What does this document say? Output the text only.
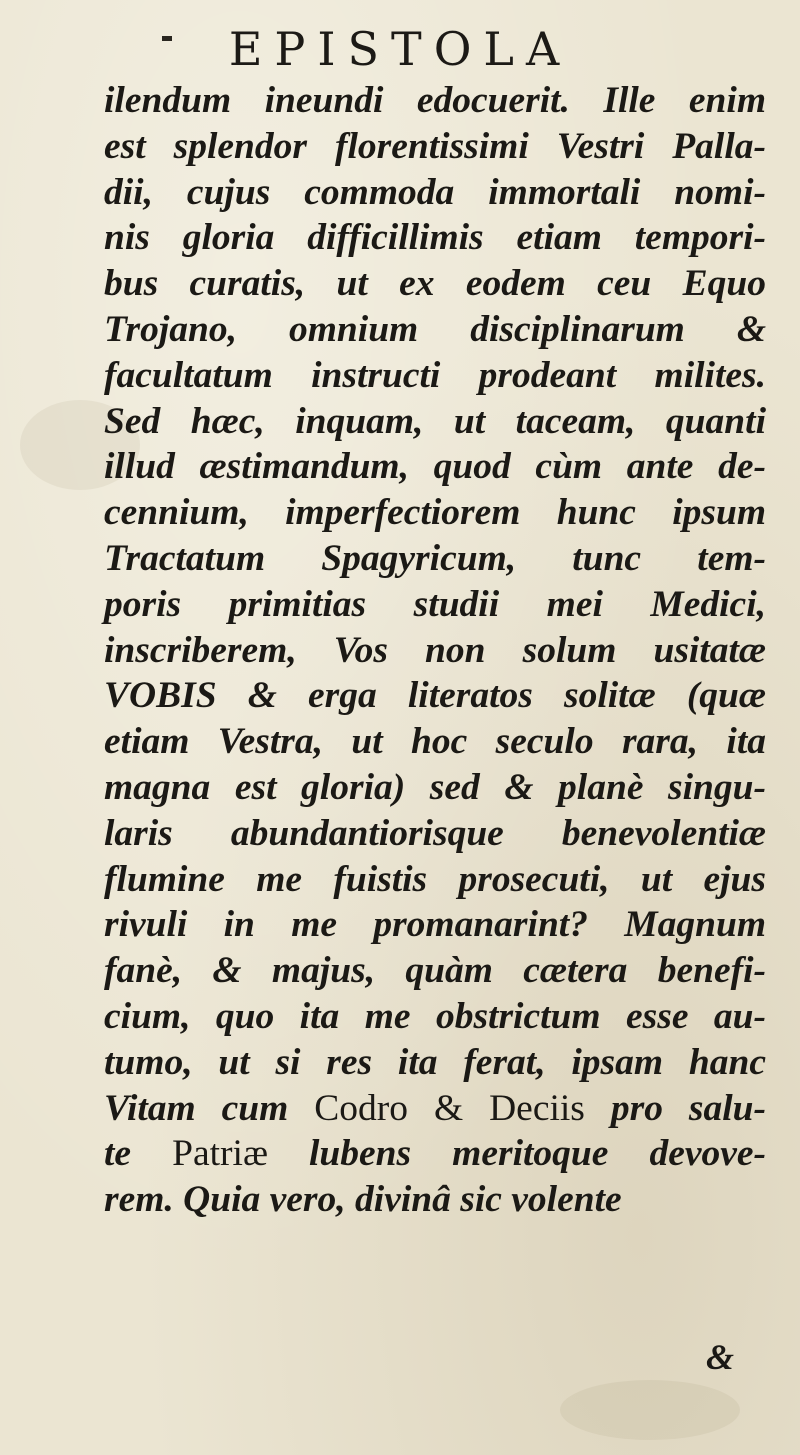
EPISTOLA
ilendum ineundi edocuerit. Ille enim
est splendor florentissimi Vestri Palla-
dii, cujus commoda immortali nomi-
nis gloria difficillimis etiam tempori-
bus curatis, ut ex eodem ceu Equo
Trojano, omnium disciplinarum &
facultatum instructi prodeant milites.
Sed hæc, inquam, ut taceam, quanti
illud æstimandum, quod cùm ante de-
cennium, imperfectiorem hunc ipsum
Tractatum Spagyricum, tunc tem-
poris primitias studii mei Medici,
inscriberem, Vos non solum usitatæ
VOBIS & erga literatos solitæ (quæ
etiam Vestra, ut hoc seculo rara, ita
magna est gloria) sed & planè singu-
laris abundantiorisque benevolentiæ
flumine me fuistis prosecuti, ut ejus
rivuli in me promanarint? Magnum
fanè, & majus, quàm cætera benefi-
cium, quo ita me obstrictum esse au-
tumo, ut si res ita ferat, ipsam hanc
Vitam cum Codro & Deciis pro salu-
te Patriæ lubens meritoque devove-
rem. Quia vero, divinâ sic volente
&
